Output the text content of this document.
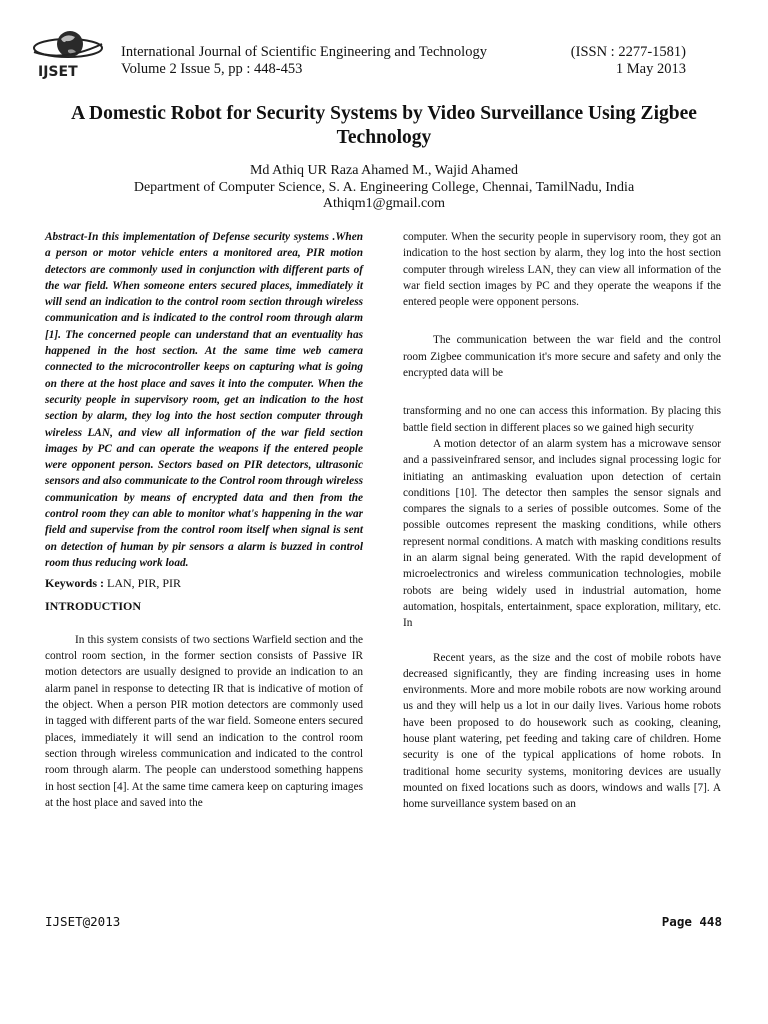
IJSET
International Journal of Scientific Engineering and Technology
Volume 2 Issue 5, pp : 448-453
(ISSN : 2277-1581)
1 May 2013
A Domestic Robot for Security Systems by Video Surveillance Using Zigbee Technology
Md Athiq UR Raza Ahamed M., Wajid Ahamed
Department of Computer Science, S. A. Engineering College, Chennai, TamilNadu, India
Athiqm1@gmail.com

Abstract-In this implementation of Defense security systems .When a person or motor vehicle enters a monitored area, PIR motion detectors are commonly used in conjunction with different parts of the war field. When someone enters secured places, immediately it will send an indication to the control room section through wireless communication and is indicated to the control room through alarm [1]. The concerned people can understand that an eventuality has happened in the host section. At the same time web camera connected to the microcontroller keeps on capturing what is going on there at the host place and saves it into the computer. When the security people in supervisory room, get an indication to the host section by alarm, they log into the host section computer through wireless LAN, and view all information of the war field section images by PC and can operate the weapons if the entered people were opponent person. Sectors based on PIR detectors, ultrasonic sensors and also communicate to the Control room through wireless communication by means of encrypted data and then from the control room they can able to monitor what's happening in the war field and supervise from the control room itself when signal is sent on detection of human by pir sensors a alarm is buzzed in control room thus reducing work load.

Keywords : LAN, PIR, PIR

INTRODUCTION

In this system consists of two sections Warfield section and the control room section, in the former section consists of Passive IR motion detectors are usually designed to provide an indication to an alarm panel in response to detecting IR that is indicative of motion of the object. When a person PIR motion detectors are commonly used in tagged with different parts of the war field. Someone enters secured places, immediately it will send an indication to the control room section through wireless communication and indicated to the control room through alarm. The people can understood something happens in host section [4]. At the same time camera keep on capturing images at the host place and saved into the

computer. When the security people in supervisory room, they got an indication to the host section by alarm, they log into the host section computer through wireless LAN, they can view all information of the war field section images by PC and they operate the weapons if the entered people were opponent persons.

The communication between the war field and the control room Zigbee communication it's more secure and safety and only the encrypted data will be

transforming and no one can access this information. By placing this battle field section in different places so we gained high security

A motion detector of an alarm system has a microwave sensor and a passiveinfrared sensor, and includes signal processing logic for initiating an antimasking evaluation upon detection of certain conditions [10]. The detector then samples the sensor signals and compares the signals to a series of possible outcomes. Some of the possible outcomes represent the masking conditions, while others represent normal conditions. A match with masking conditions results in an alarm signal being generated. With the rapid development of microelectronics and wireless communication technologies, mobile robots are being widely used in industrial automation, home automation, hospitals, entertainment, space exploration, military, etc. In

Recent years, as the size and the cost of mobile robots have decreased significantly, they are finding increasing uses in home environments. More and more mobile robots are now working around us and they will help us a lot in our daily lives. Various home robots have been proposed to do housework such as cooking, cleaning, house plant watering, pet feeding and taking care of children. Home security is one of the typical applications of home robots. In traditional home security systems, monitoring devices are usually mounted on fixed locations such as doors, windows and walls [7]. A home surveillance system based on an

IJSET@2013	Page 448
